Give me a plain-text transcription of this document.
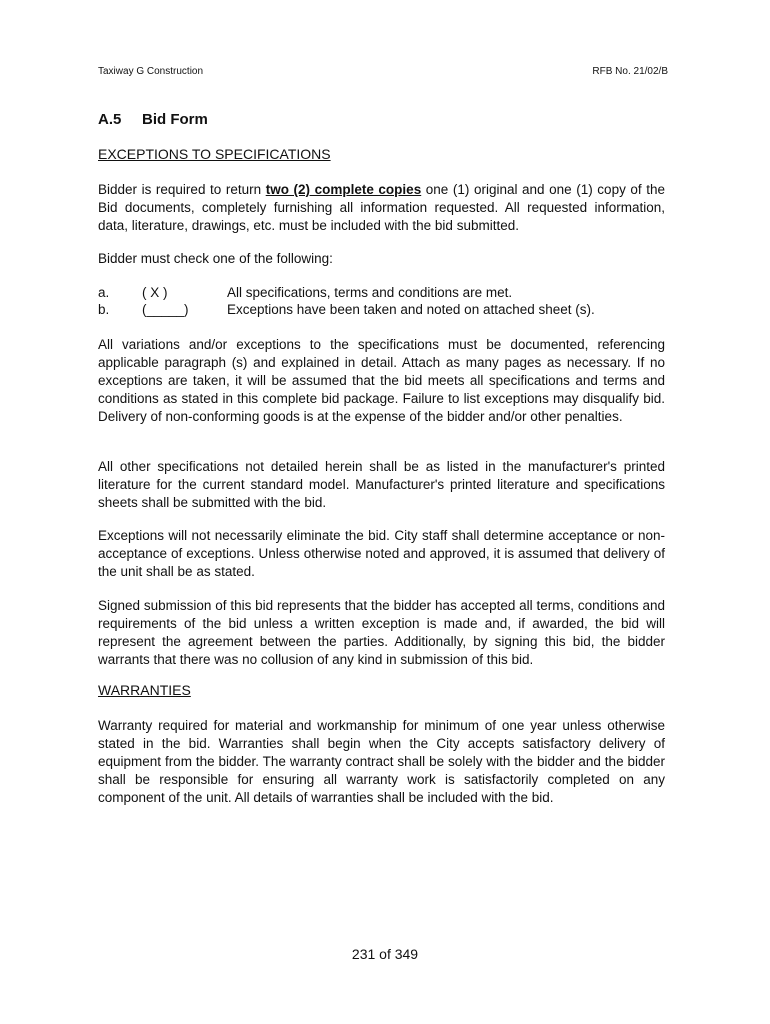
Taxiway G Construction	RFB No. 21/02/B
A.5 Bid Form
EXCEPTIONS TO SPECIFICATIONS

Bidder is required to return two (2) complete copies one (1) original and one (1) copy of the Bid documents, completely furnishing all information requested. All requested information, data, literature, drawings, etc. must be included with the bid submitted.

Bidder must check one of the following:
a. ( X )	All specifications, terms and conditions are met.
b. (_____)	Exceptions have been taken and noted on attached sheet (s).

All variations and/or exceptions to the specifications must be documented, referencing applicable paragraph (s) and explained in detail. Attach as many pages as necessary. If no exceptions are taken, it will be assumed that the bid meets all specifications and terms and conditions as stated in this complete bid package. Failure to list exceptions may disqualify bid. Delivery of non-conforming goods is at the expense of the bidder and/or other penalties.

All other specifications not detailed herein shall be as listed in the manufacturer's printed literature for the current standard model. Manufacturer's printed literature and specifications sheets shall be submitted with the bid.

Exceptions will not necessarily eliminate the bid. City staff shall determine acceptance or non-acceptance of exceptions. Unless otherwise noted and approved, it is assumed that delivery of the unit shall be as stated.

Signed submission of this bid represents that the bidder has accepted all terms, conditions and requirements of the bid unless a written exception is made and, if awarded, the bid will represent the agreement between the parties. Additionally, by signing this bid, the bidder warrants that there was no collusion of any kind in submission of this bid.

WARRANTIES

Warranty required for material and workmanship for minimum of one year unless otherwise stated in the bid. Warranties shall begin when the City accepts satisfactory delivery of equipment from the bidder. The warranty contract shall be solely with the bidder and the bidder shall be responsible for ensuring all warranty work is satisfactorily completed on any component of the unit. All details of warranties shall be included with the bid.

231 of 349
